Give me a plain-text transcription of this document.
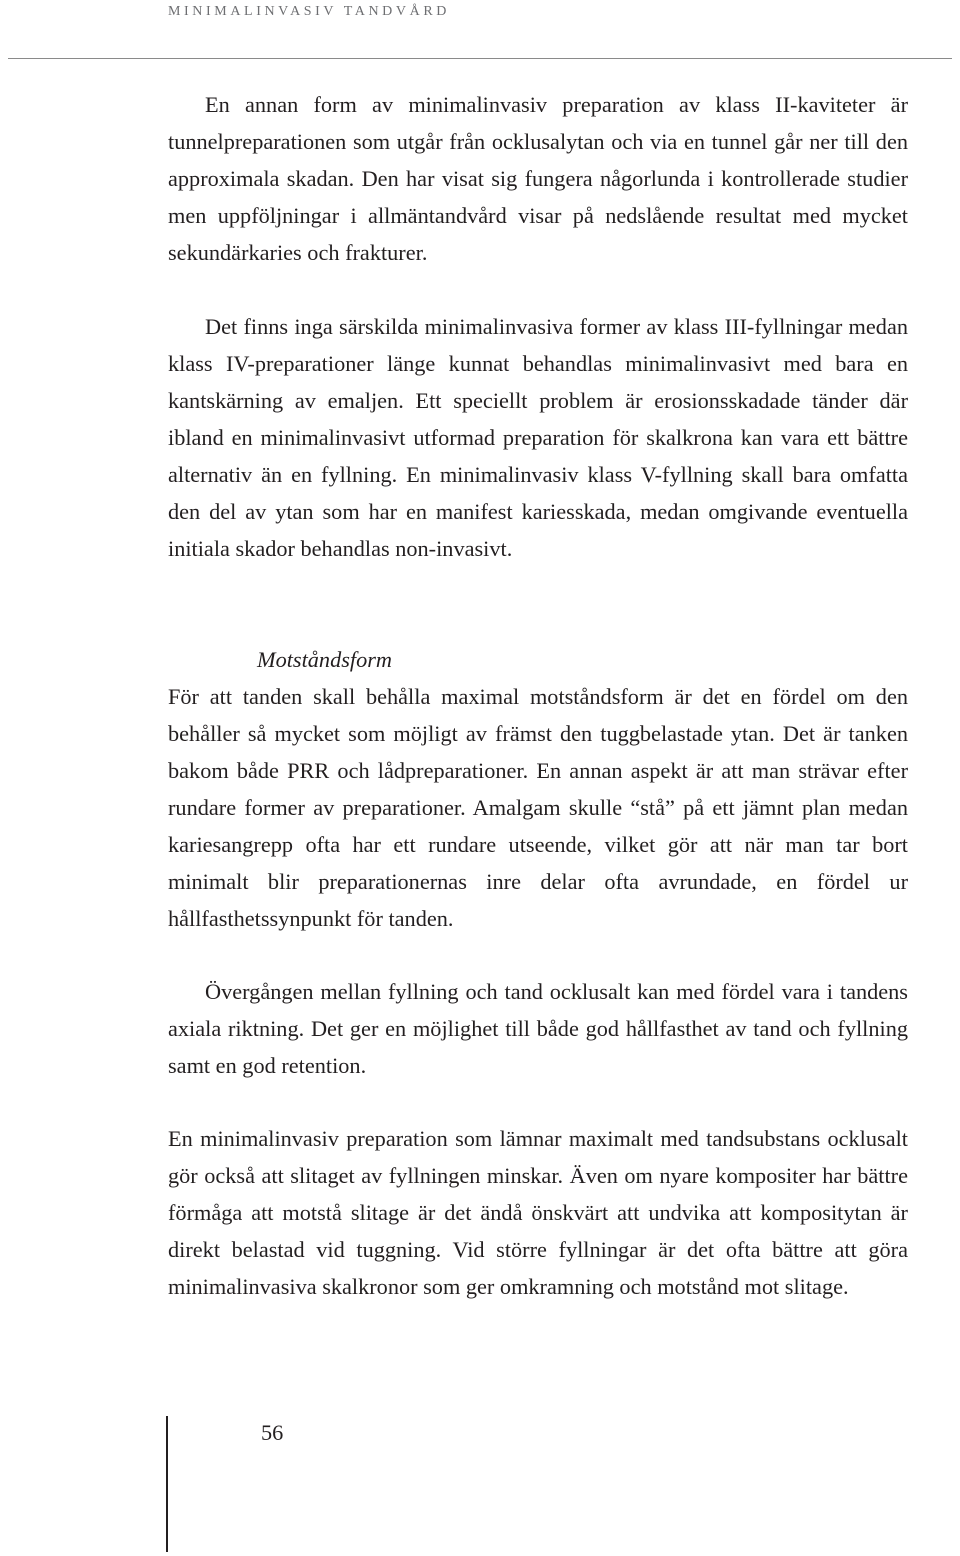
MINIMALINVASIV TANDVÅRD

En annan form av minimalinvasiv preparation av klass II-kaviteter är tunnelpreparationen som utgår från ocklusalytan och via en tunnel går ner till den approximala skadan. Den har visat sig fungera någorlunda i kontrollerade studier men uppföljningar i allmäntandvård visar på nedslående resultat med mycket sekundärkaries och frakturer.

Det finns inga särskilda minimalinvasiva former av klass III-fyllningar medan klass IV-preparationer länge kunnat behandlas minimalinvasivt med bara en kantskärning av emaljen. Ett speciellt problem är erosionsskadade tänder där ibland en minimalinvasivt utformad preparation för skalkrona kan vara ett bättre alternativ än en fyllning. En minimalinvasiv klass V-fyllning skall bara omfatta den del av ytan som har en manifest kariesskada, medan omgivande eventuella initiala skador behandlas non-invasivt.

Motståndsform

För att tanden skall behålla maximal motståndsform är det en fördel om den behåller så mycket som möjligt av främst den tuggbelastade ytan. Det är tanken bakom både PRR och lådpreparationer. En annan aspekt är att man strävar efter rundare former av preparationer. Amalgam skulle “stå” på ett jämnt plan medan kariesangrepp ofta har ett rundare utseende, vilket gör att när man tar bort minimalt blir preparationernas inre delar ofta avrundade, en fördel ur hållfasthetssynpunkt för tanden.

Övergången mellan fyllning och tand ocklusalt kan med fördel vara i tandens axiala riktning. Det ger en möjlighet till både god hållfasthet av tand och fyllning samt en god retention.

En minimalinvasiv preparation som lämnar maximalt med tandsubstans ocklusalt gör också att slitaget av fyllningen minskar. Även om nyare kompositer har bättre förmåga att motstå slitage är det ändå önskvärt att undvika att kompositytan är direkt belastad vid tuggning. Vid större fyllningar är det ofta bättre att göra minimalinvasiva skalkronor som ger omkramning och motstånd mot slitage.

56
